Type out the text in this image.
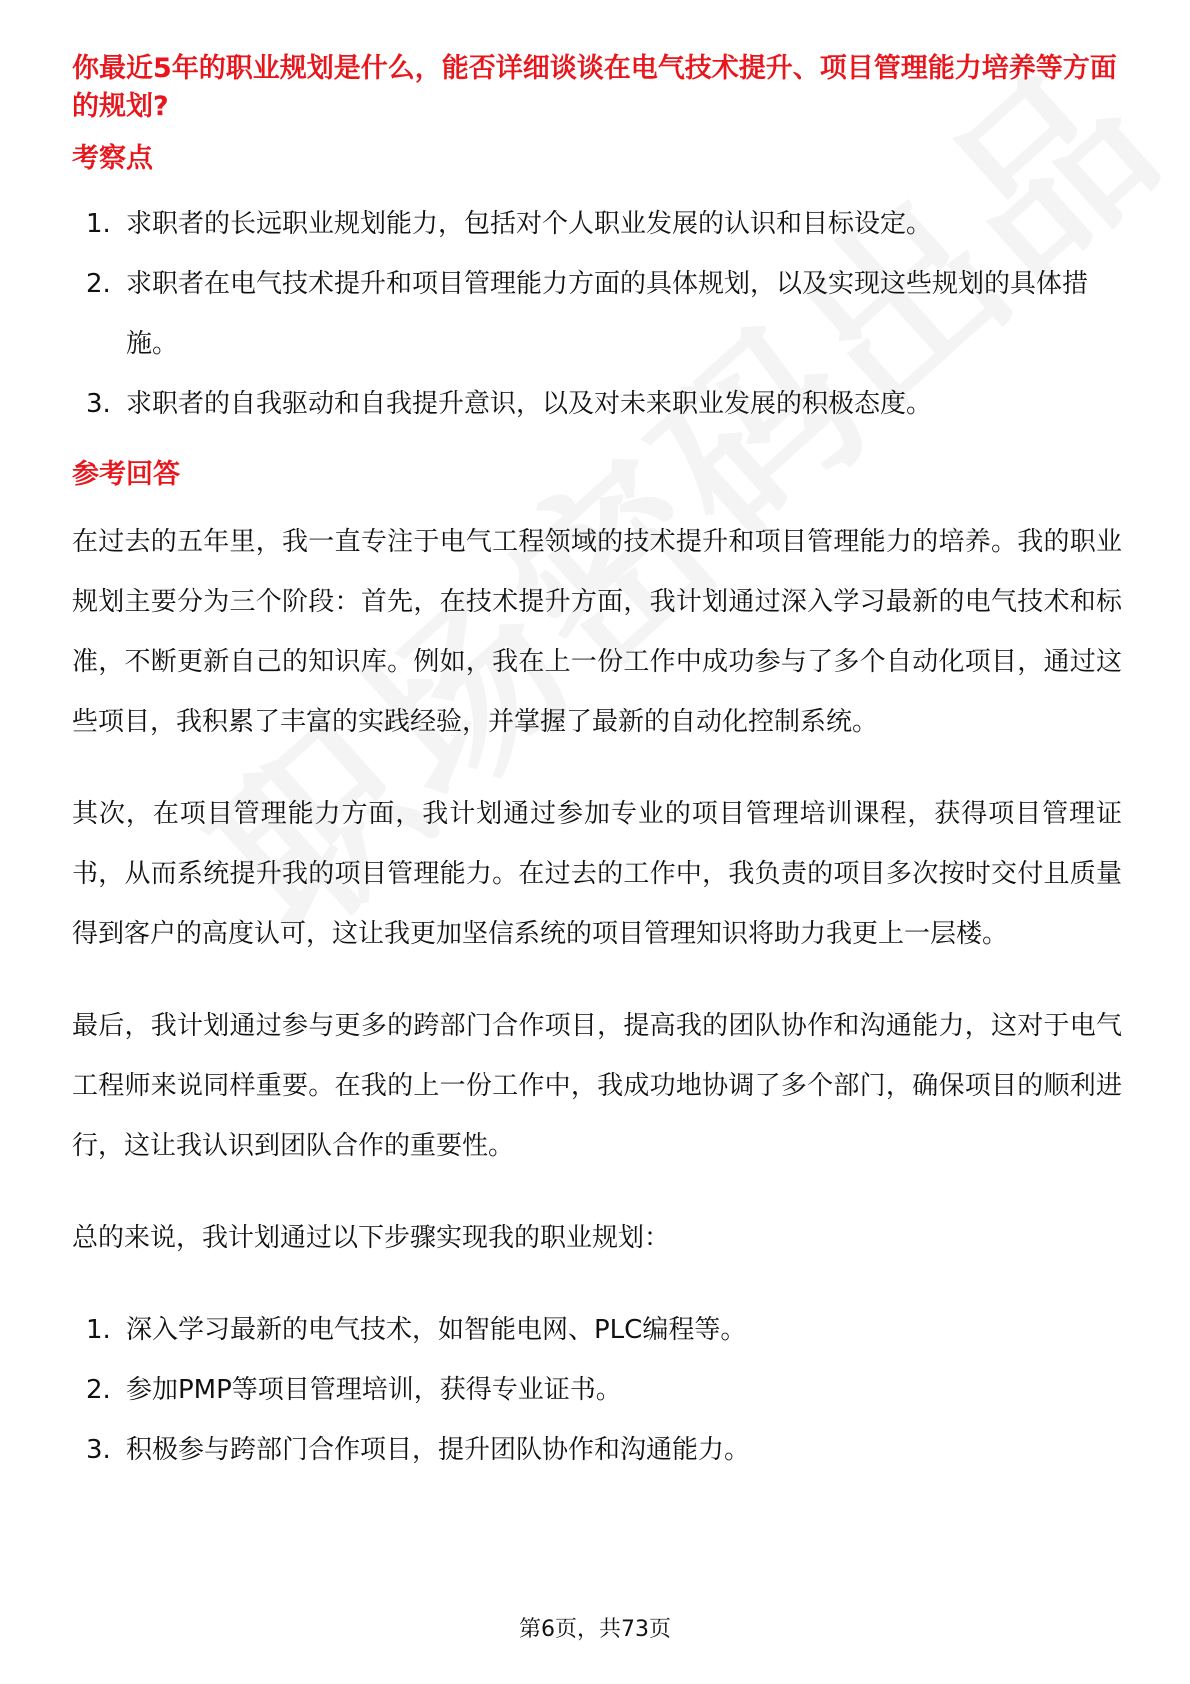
你最近5年的职业规划是什么，能否详细谈谈在电气技术提升、项目管理能力培养等方面的规划?
考察点
1. 求职者的长远职业规划能力，包括对个人职业发展的认识和目标设定。
2. 求职者在电气技术提升和项目管理能力方面的具体规划，以及实现这些规划的具体措施。
3. 求职者的自我驱动和自我提升意识，以及对未来职业发展的积极态度。
参考回答

在过去的五年里，我一直专注于电气工程领域的技术提升和项目管理能力的培养。我的职业规划主要分为三个阶段：首先，在技术提升方面，我计划通过深入学习最新的电气技术和标准，不断更新自己的知识库。例如，我在上一份工作中成功参与了多个自动化项目，通过这些项目，我积累了丰富的实践经验，并掌握了最新的自动化控制系统。

其次，在项目管理能力方面，我计划通过参加专业的项目管理培训课程，获得项目管理证书，从而系统提升我的项目管理能力。在过去的工作中，我负责的项目多次按时交付且质量得到客户的高度认可，这让我更加坚信系统的项目管理知识将助力我更上一层楼。

最后，我计划通过参与更多的跨部门合作项目，提高我的团队协作和沟通能力，这对于电气工程师来说同样重要。在我的上一份工作中，我成功地协调了多个部门，确保项目的顺利进行，这让我认识到团队合作的重要性。

总的来说，我计划通过以下步骤实现我的职业规划：

1. 深入学习最新的电气技术，如智能电网、PLC编程等。
2. 参加PMP等项目管理培训，获得专业证书。
3. 积极参与跨部门合作项目，提升团队协作和沟通能力。
第6页，共73页
